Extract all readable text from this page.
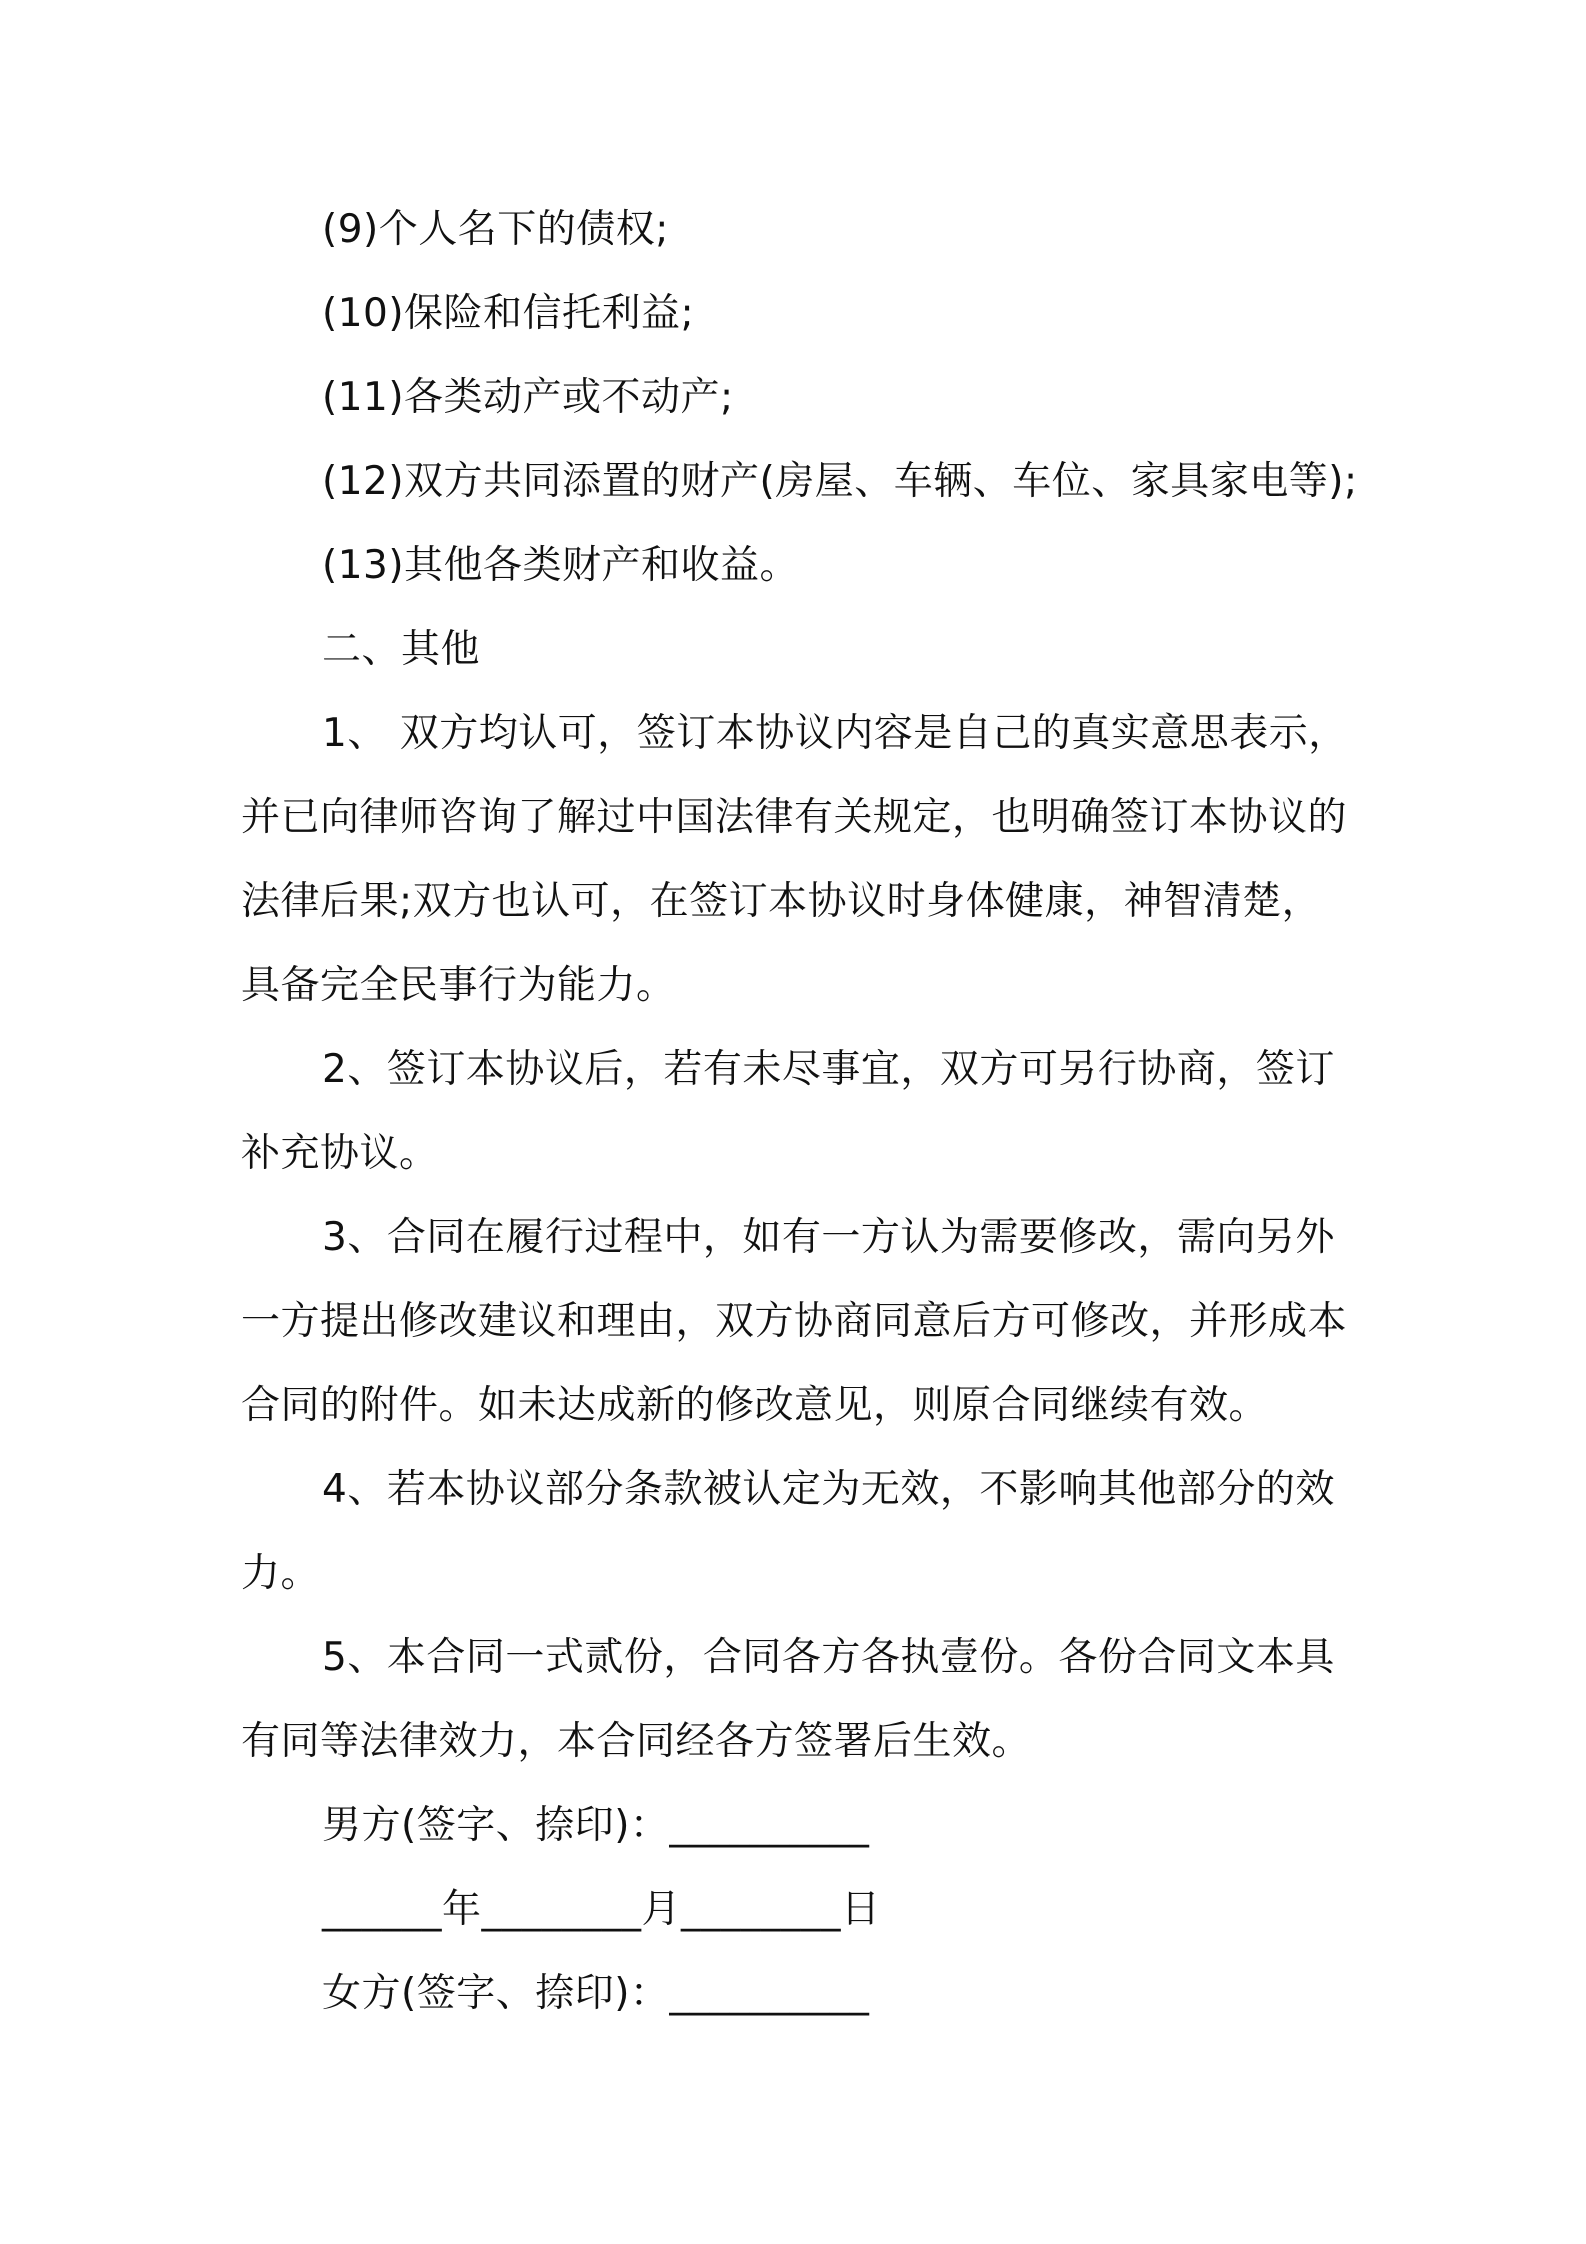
(9)个人名下的债权;

(10)保险和信托利益;

(11)各类动产或不动产;

(12)双方共同添置的财产(房屋、车辆、车位、家具家电等);

(13)其他各类财产和收益。

二、其他

1、 双方均认可，签订本协议内容是自己的真实意思表示，

并已向律师咨询了解过中国法律有关规定，也明确签订本协议的

法律后果;双方也认可，在签订本协议时身体健康，神智清楚，

具备完全民事行为能力。

2、签订本协议后，若有未尽事宜，双方可另行协商，签订

补充协议。

3、合同在履行过程中，如有一方认为需要修改，需向另外

一方提出修改建议和理由，双方协商同意后方可修改，并形成本

合同的附件。如未达成新的修改意见，则原合同继续有效。

4、若本协议部分条款被认定为无效，不影响其他部分的效

力。

5、本合同一式贰份，合同各方各执壹份。各份合同文本具

有同等法律效力，本合同经各方签署后生效。

男方(签字、捺印)：__________

______年________月________日

女方(签字、捺印)：__________
